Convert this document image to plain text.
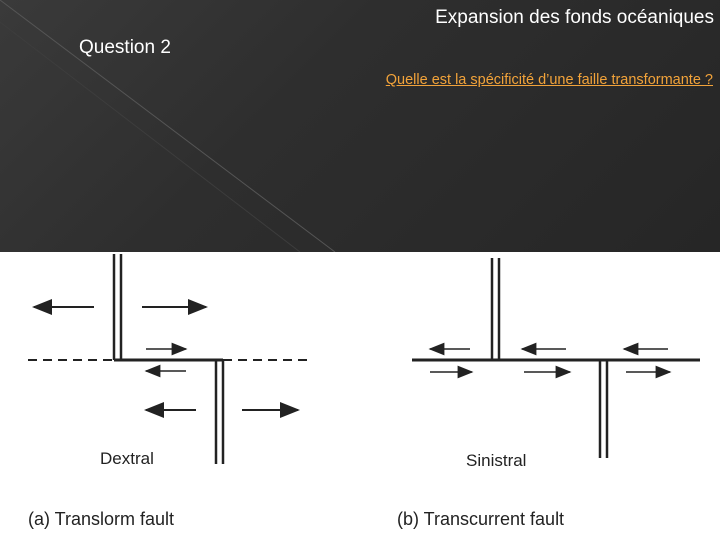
Expansion des fonds océaniques
Question 2
Quelle est la spécificité d’une faille transformante ?
Dextral
(a) Translorm fault
Sinistral
(b) Transcurrent fault
